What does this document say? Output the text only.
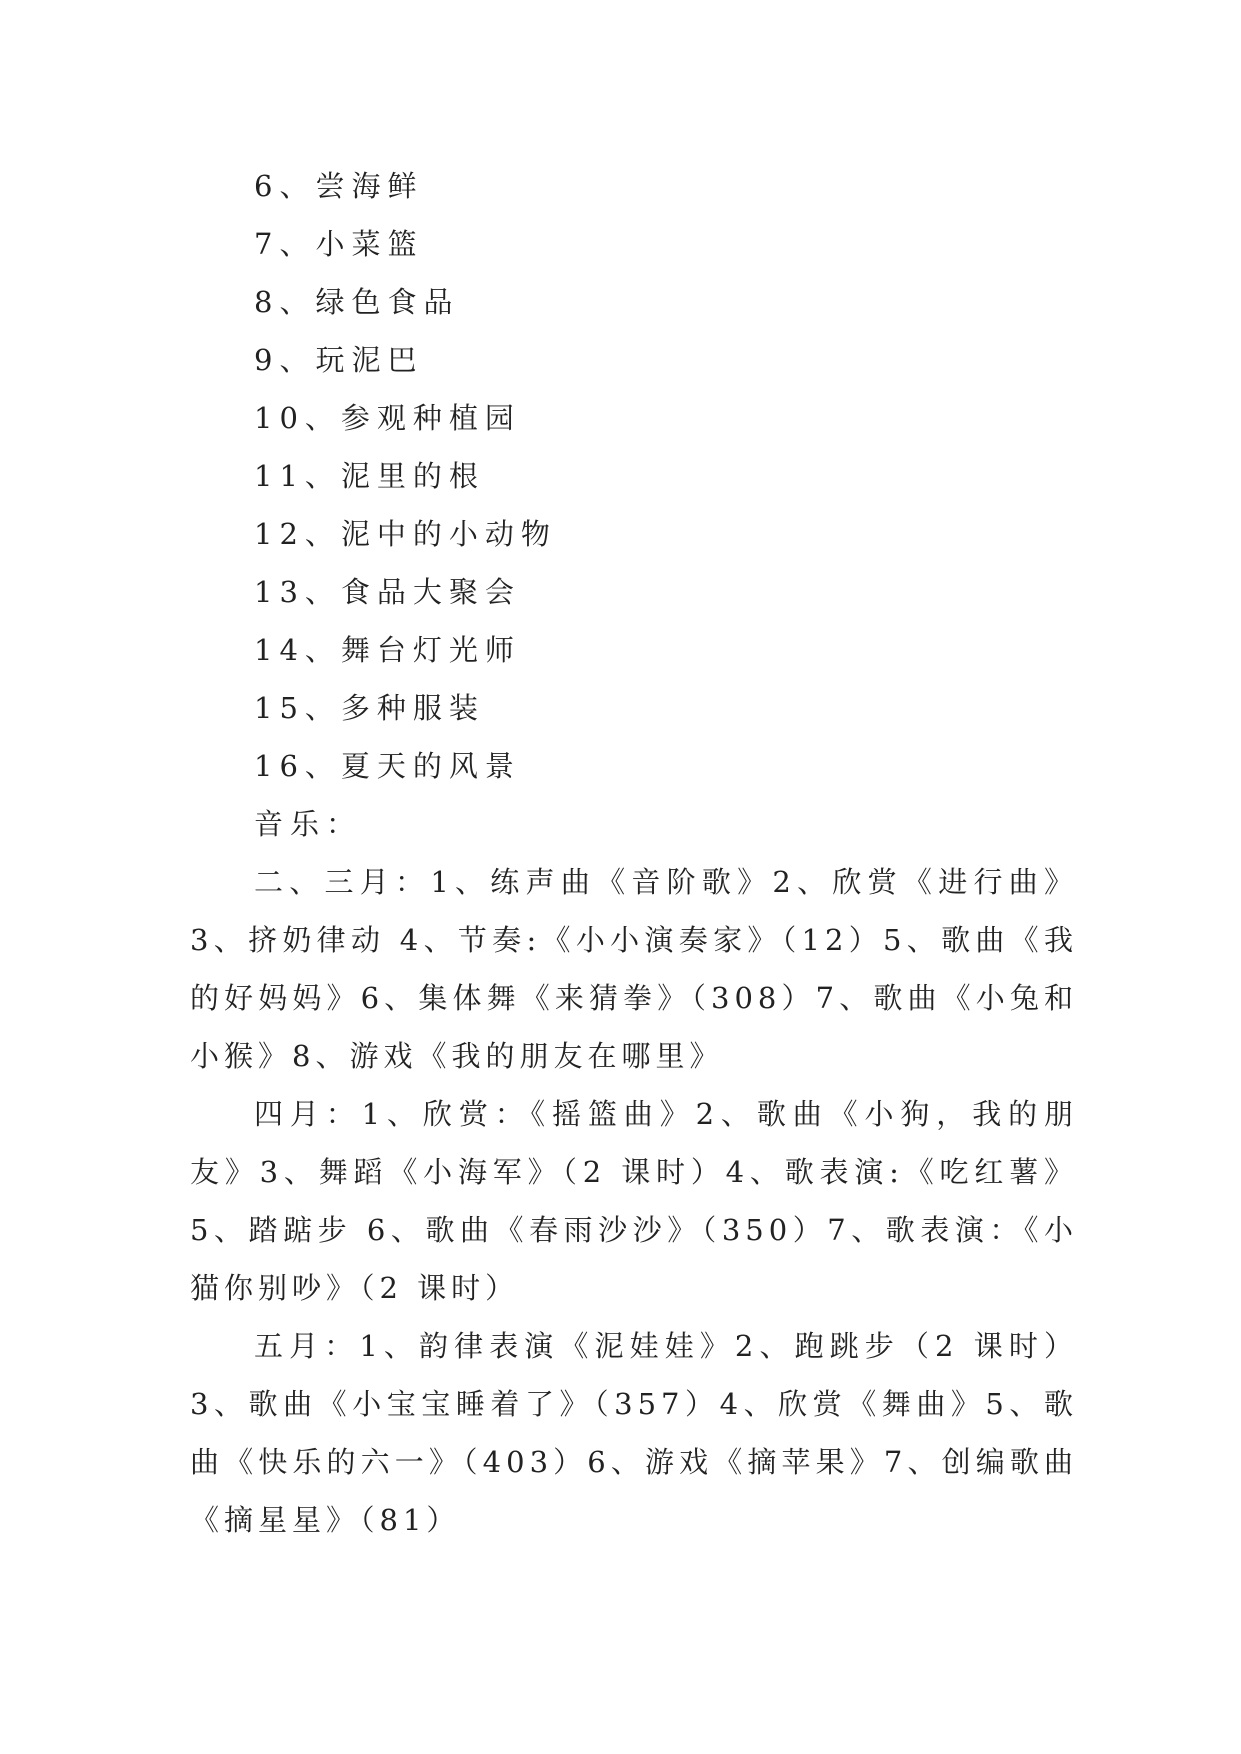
6、尝海鲜
7、小菜篮
8、绿色食品
9、玩泥巴
10、参观种植园
11、泥里的根
12、泥中的小动物
13、食品大聚会
14、舞台灯光师
15、多种服装
16、夏天的风景
音乐：
二、三月：1、练声曲《音阶歌》2、欣赏《进行曲》3、挤奶律动 4、节奏:《小小演奏家》（12）5、歌曲《我的好妈妈》6、集体舞《来猜拳》（308）7、歌曲《小兔和小猴》8、游戏《我的朋友在哪里》
四月：1、欣赏：《摇篮曲》2、歌曲《小狗，我的朋友》3、舞蹈《小海军》（2 课时）4、歌表演:《吃红薯》5、踏踮步 6、歌曲《春雨沙沙》（350）7、歌表演：《小猫你别吵》（2 课时）
五月：1、韵律表演《泥娃娃》2、跑跳步（2 课时）3、歌曲《小宝宝睡着了》（357）4、欣赏《舞曲》5、歌曲《快乐的六一》（403）6、游戏《摘苹果》7、创编歌曲《摘星星》（81）
